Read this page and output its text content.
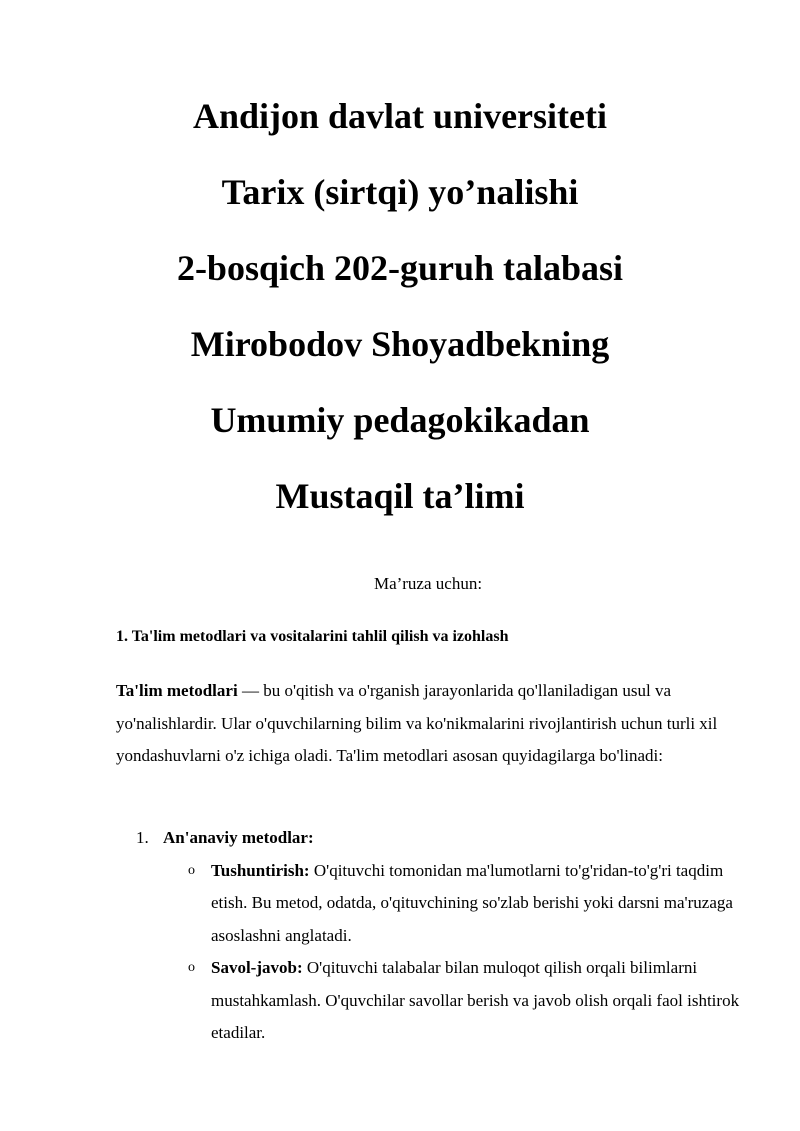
Andijon davlat universiteti

Tarix (sirtqi) yo’nalishi

2-bosqich 202-guruh talabasi

Mirobodov Shoyadbekning

Umumiy pedagokikadan

Mustaqil ta’limi

Ma’ruza uchun:

1. Ta'lim metodlari va vositalarini tahlil qilish va izohlash

Ta'lim metodlari — bu o'qitish va o'rganish jarayonlarida qo'llaniladigan usul va yo'nalishlardir. Ular o'quvchilarning bilim va ko'nikmalarini rivojlantirish uchun turli xil yondashuvlarni o'z ichiga oladi. Ta'lim metodlari asosan quyidagilarga bo'linadi:

1. An'anaviy metodlar:
o Tushuntirish: O'qituvchi tomonidan ma'lumotlarni to'g'ridan-to'g'ri taqdim etish. Bu metod, odatda, o'qituvchining so'zlab berishi yoki darsni ma'ruzaga asoslashni anglatadi.
o Savol-javob: O'qituvchi talabalar bilan muloqot qilish orqali bilimlarni mustahkamlash. O'quvchilar savollar berish va javob olish orqali faol ishtirok etadilar.
